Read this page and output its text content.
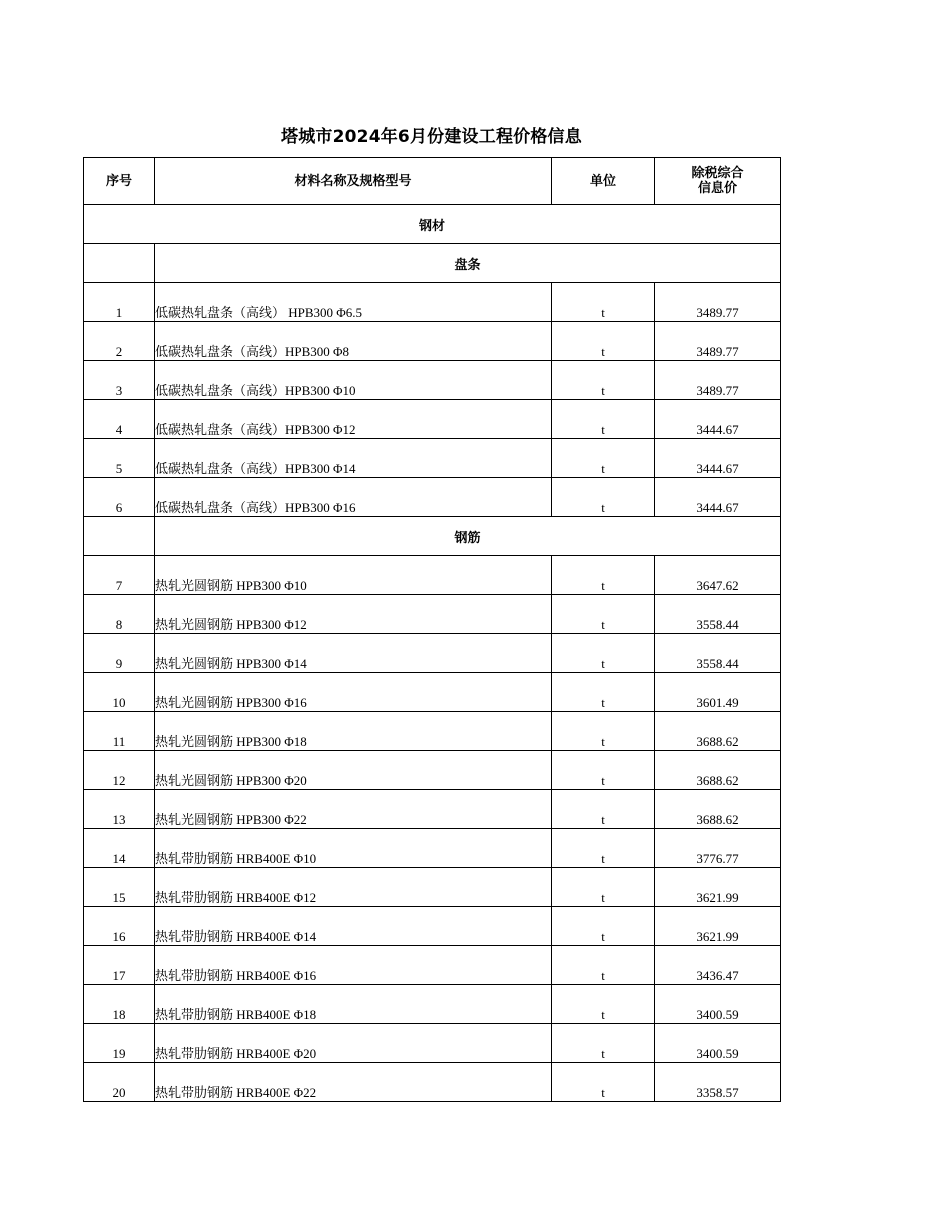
塔城市2024年6月份建设工程价格信息
序号	材料名称及规格型号	单位	除税综合
信息价

钢材			
	盘条		
1	低碳热轧盘条（高线） HPB300 Φ6.5	t	3489.77
2	低碳热轧盘条（高线）HPB300 Φ8	t	3489.77
3	低碳热轧盘条（高线）HPB300 Φ10	t	3489.77
4	低碳热轧盘条（高线）HPB300 Φ12	t	3444.67
5	低碳热轧盘条（高线）HPB300 Φ14	t	3444.67
6	低碳热轧盘条（高线）HPB300 Φ16	t	3444.67
	钢筋		
7	热轧光圆钢筋 HPB300 Φ10	t	3647.62
8	热轧光圆钢筋 HPB300 Φ12	t	3558.44
9	热轧光圆钢筋 HPB300 Φ14	t	3558.44
10	热轧光圆钢筋 HPB300 Φ16	t	3601.49
11	热轧光圆钢筋 HPB300 Φ18	t	3688.62
12	热轧光圆钢筋 HPB300 Φ20	t	3688.62
13	热轧光圆钢筋 HPB300 Φ22	t	3688.62
14	热轧带肋钢筋 HRB400E Φ10	t	3776.77
15	热轧带肋钢筋 HRB400E Φ12	t	3621.99
16	热轧带肋钢筋 HRB400E Φ14	t	3621.99
17	热轧带肋钢筋 HRB400E Φ16	t	3436.47
18	热轧带肋钢筋 HRB400E Φ18	t	3400.59
19	热轧带肋钢筋 HRB400E Φ20	t	3400.59
20	热轧带肋钢筋 HRB400E Φ22	t	3358.57
